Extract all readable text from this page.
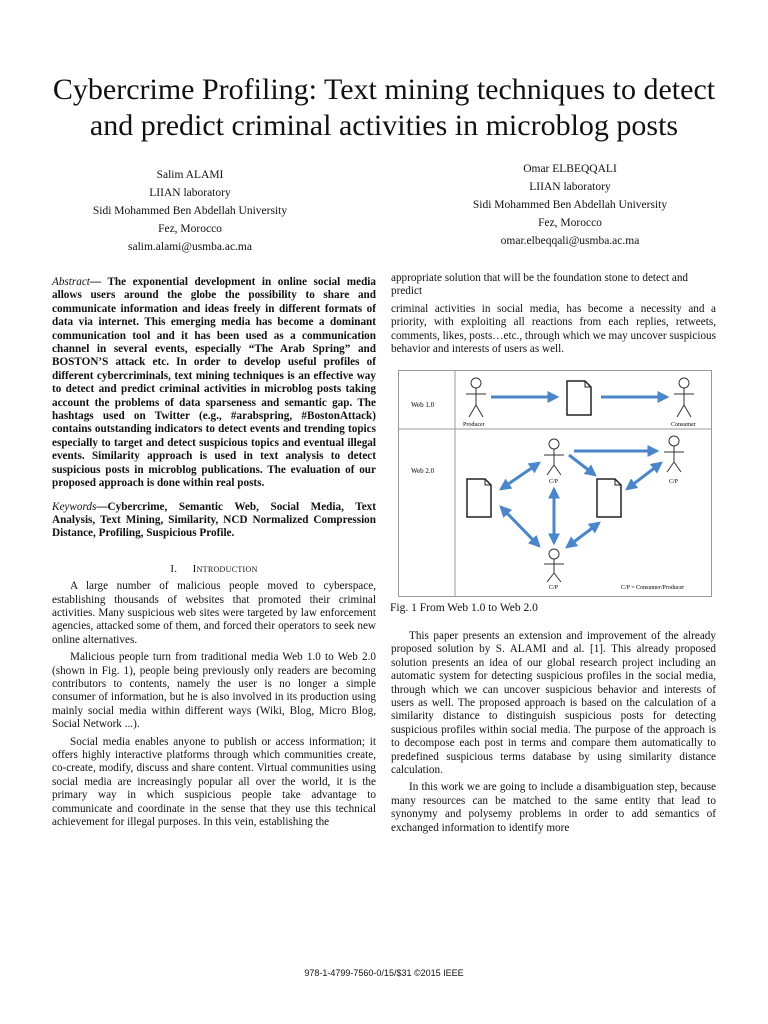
Cybercrime Profiling: Text mining techniques to detect
and predict criminal activities in microblog posts
Salim ALAMI
LIIAN laboratory
Sidi Mohammed Ben Abdellah University
Fez, Morocco
salim.alami@usmba.ac.ma
Omar ELBEQQALI
LIIAN laboratory
Sidi Mohammed Ben Abdellah University
Fez, Morocco
omar.elbeqqali@usmba.ac.ma

Abstract— The exponential development in online social media allows users around the globe the possibility to share and communicate information and ideas freely in different formats of data via internet. This emerging media has become a dominant communication tool and it has been used as a communication channel in several events, especially “The Arab Spring” and BOSTON’S attack etc. In order to develop useful profiles of different cybercriminals, text mining techniques is an effective way to detect and predict criminal activities in microblog posts taking account the problems of data sparseness and semantic gap. The hashtags used on Twitter (e.g., #arabspring, #BostonAttack) contains outstanding indicators to detect events and trending topics especially to target and detect suspicious topics and eventual illegal events. Similarity approach is used in text analysis to detect suspicious posts in microblog publications. The evaluation of our proposed approach is done within real posts.

Keywords—Cybercrime, Semantic Web, Social Media, Text Analysis, Text Mining, Similarity, NCD Normalized Compression Distance, Profiling, Suspicious Profile.

I. Introduction

A large number of malicious people moved to cyberspace, establishing thousands of websites that promoted their criminal activities. Many suspicious web sites were targeted by law enforcement agencies, attacked some of them, and forced their operators to seek new online alternatives.

Malicious people turn from traditional media Web 1.0 to Web 2.0 (shown in Fig. 1), people being previously only readers are becoming contributors to contents, namely the user is no longer a simple consumer of information, but he is also involved in its production using mainly social media within different ways (Wiki, Blog, Micro Blog, Social Network ...).

Social media enables anyone to publish or access information; it offers highly interactive platforms through which communities create, co-create, modify, discuss and share content. Virtual communities using social media are increasingly popular all over the world, it is the primary way in which suspicious people take advantage to communicate and coordinate in the sense that they use this technical achievement for illegal purposes. In this vein, establishing the

appropriate solution that will be the foundation stone to detect and predict

criminal activities in social media, has become a necessity and a priority, with exploiting all reactions from each replies, retweets, comments, likes, posts…etc., through which we may uncover suspicious behavior and interests of users as well.

Web 1.0
Web 2.0
Producer	Consumer
C/P	C/P
C/P	C/P = Consumer/Producer
Fig. 1 From Web 1.0 to Web 2.0

This paper presents an extension and improvement of the already proposed solution by S. ALAMI and al. [1]. This already proposed solution presents an idea of our global research project including an automatic system for detecting suspicious profiles in the social media, through which we can uncover suspicious behavior and interests of users as well. The proposed approach is based on the calculation of a similarity distance to distinguish suspicious posts for detecting suspicious profiles within social media. The purpose of the approach is to decompose each post in terms and compare them automatically to predefined suspicious terms database by using similarity distance calculation.

In this work we are going to include a disambiguation step, because many resources can be matched to the same entity that lead to synonymy and polysemy problems in order to add semantics of exchanged information to identify more

978-1-4799-7560-0/15/$31 ©2015 IEEE
